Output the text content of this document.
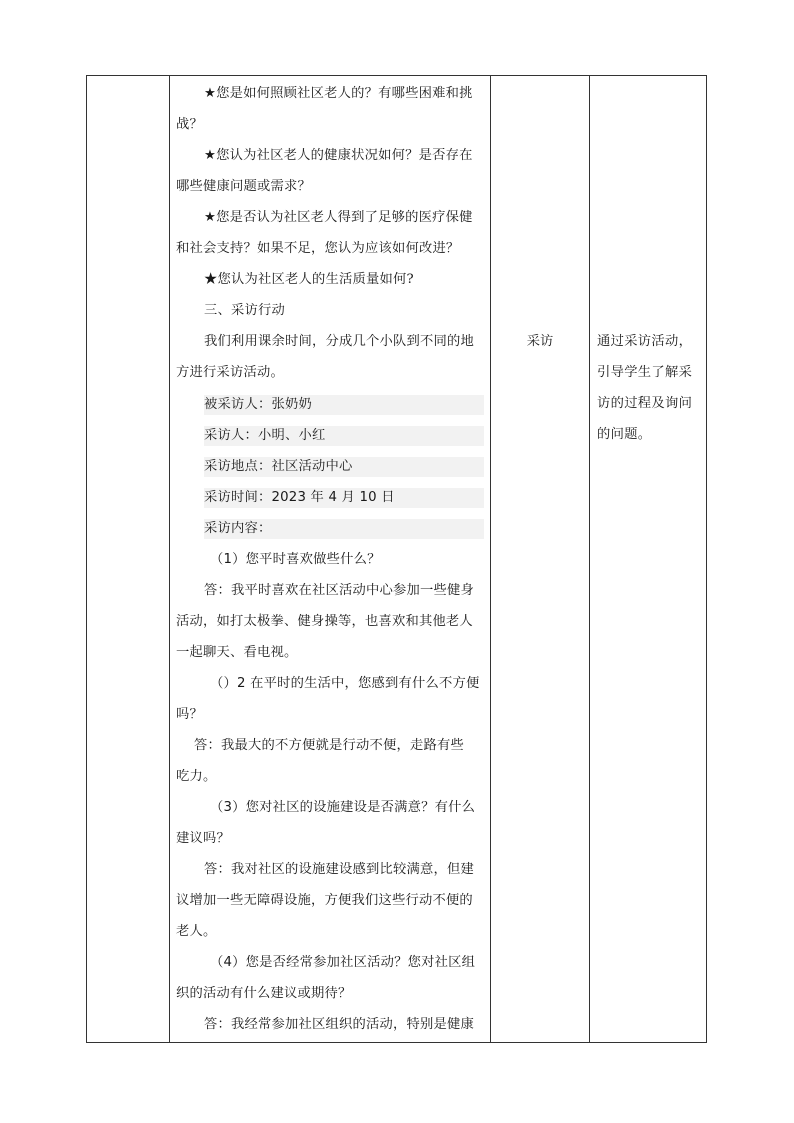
★您是如何照顾社区老人的？有哪些困难和挑
战？
★您认为社区老人的健康状况如何？是否存在
哪些健康问题或需求？
★您是否认为社区老人得到了足够的医疗保健
和社会支持？如果不足，您认为应该如何改进？
★您认为社区老人的生活质量如何?
三、采访行动
我们利用课余时间，分成几个小队到不同的地
方进行采访活动。
被采访人：张奶奶
采访人：小明、小红
采访地点：社区活动中心
采访时间：2023 年 4 月 10 日
采访内容：
（1）您平时喜欢做些什么？
答：我平时喜欢在社区活动中心参加一些健身
活动，如打太极拳、健身操等，也喜欢和其他老人
一起聊天、看电视。
（）2 在平时的生活中，您感到有什么不方便
吗？
答：我最大的不方便就是行动不便，走路有些
吃力。
（3）您对社区的设施建设是否满意？有什么
建议吗？
答：我对社区的设施建设感到比较满意，但建
议增加一些无障碍设施，方便我们这些行动不便的
老人。
（4）您是否经常参加社区活动？您对社区组
织的活动有什么建议或期待？
答：我经常参加社区组织的活动，特别是健康
采访	通过采访活动，
引导学生了解采
访的过程及询问
的问题。
